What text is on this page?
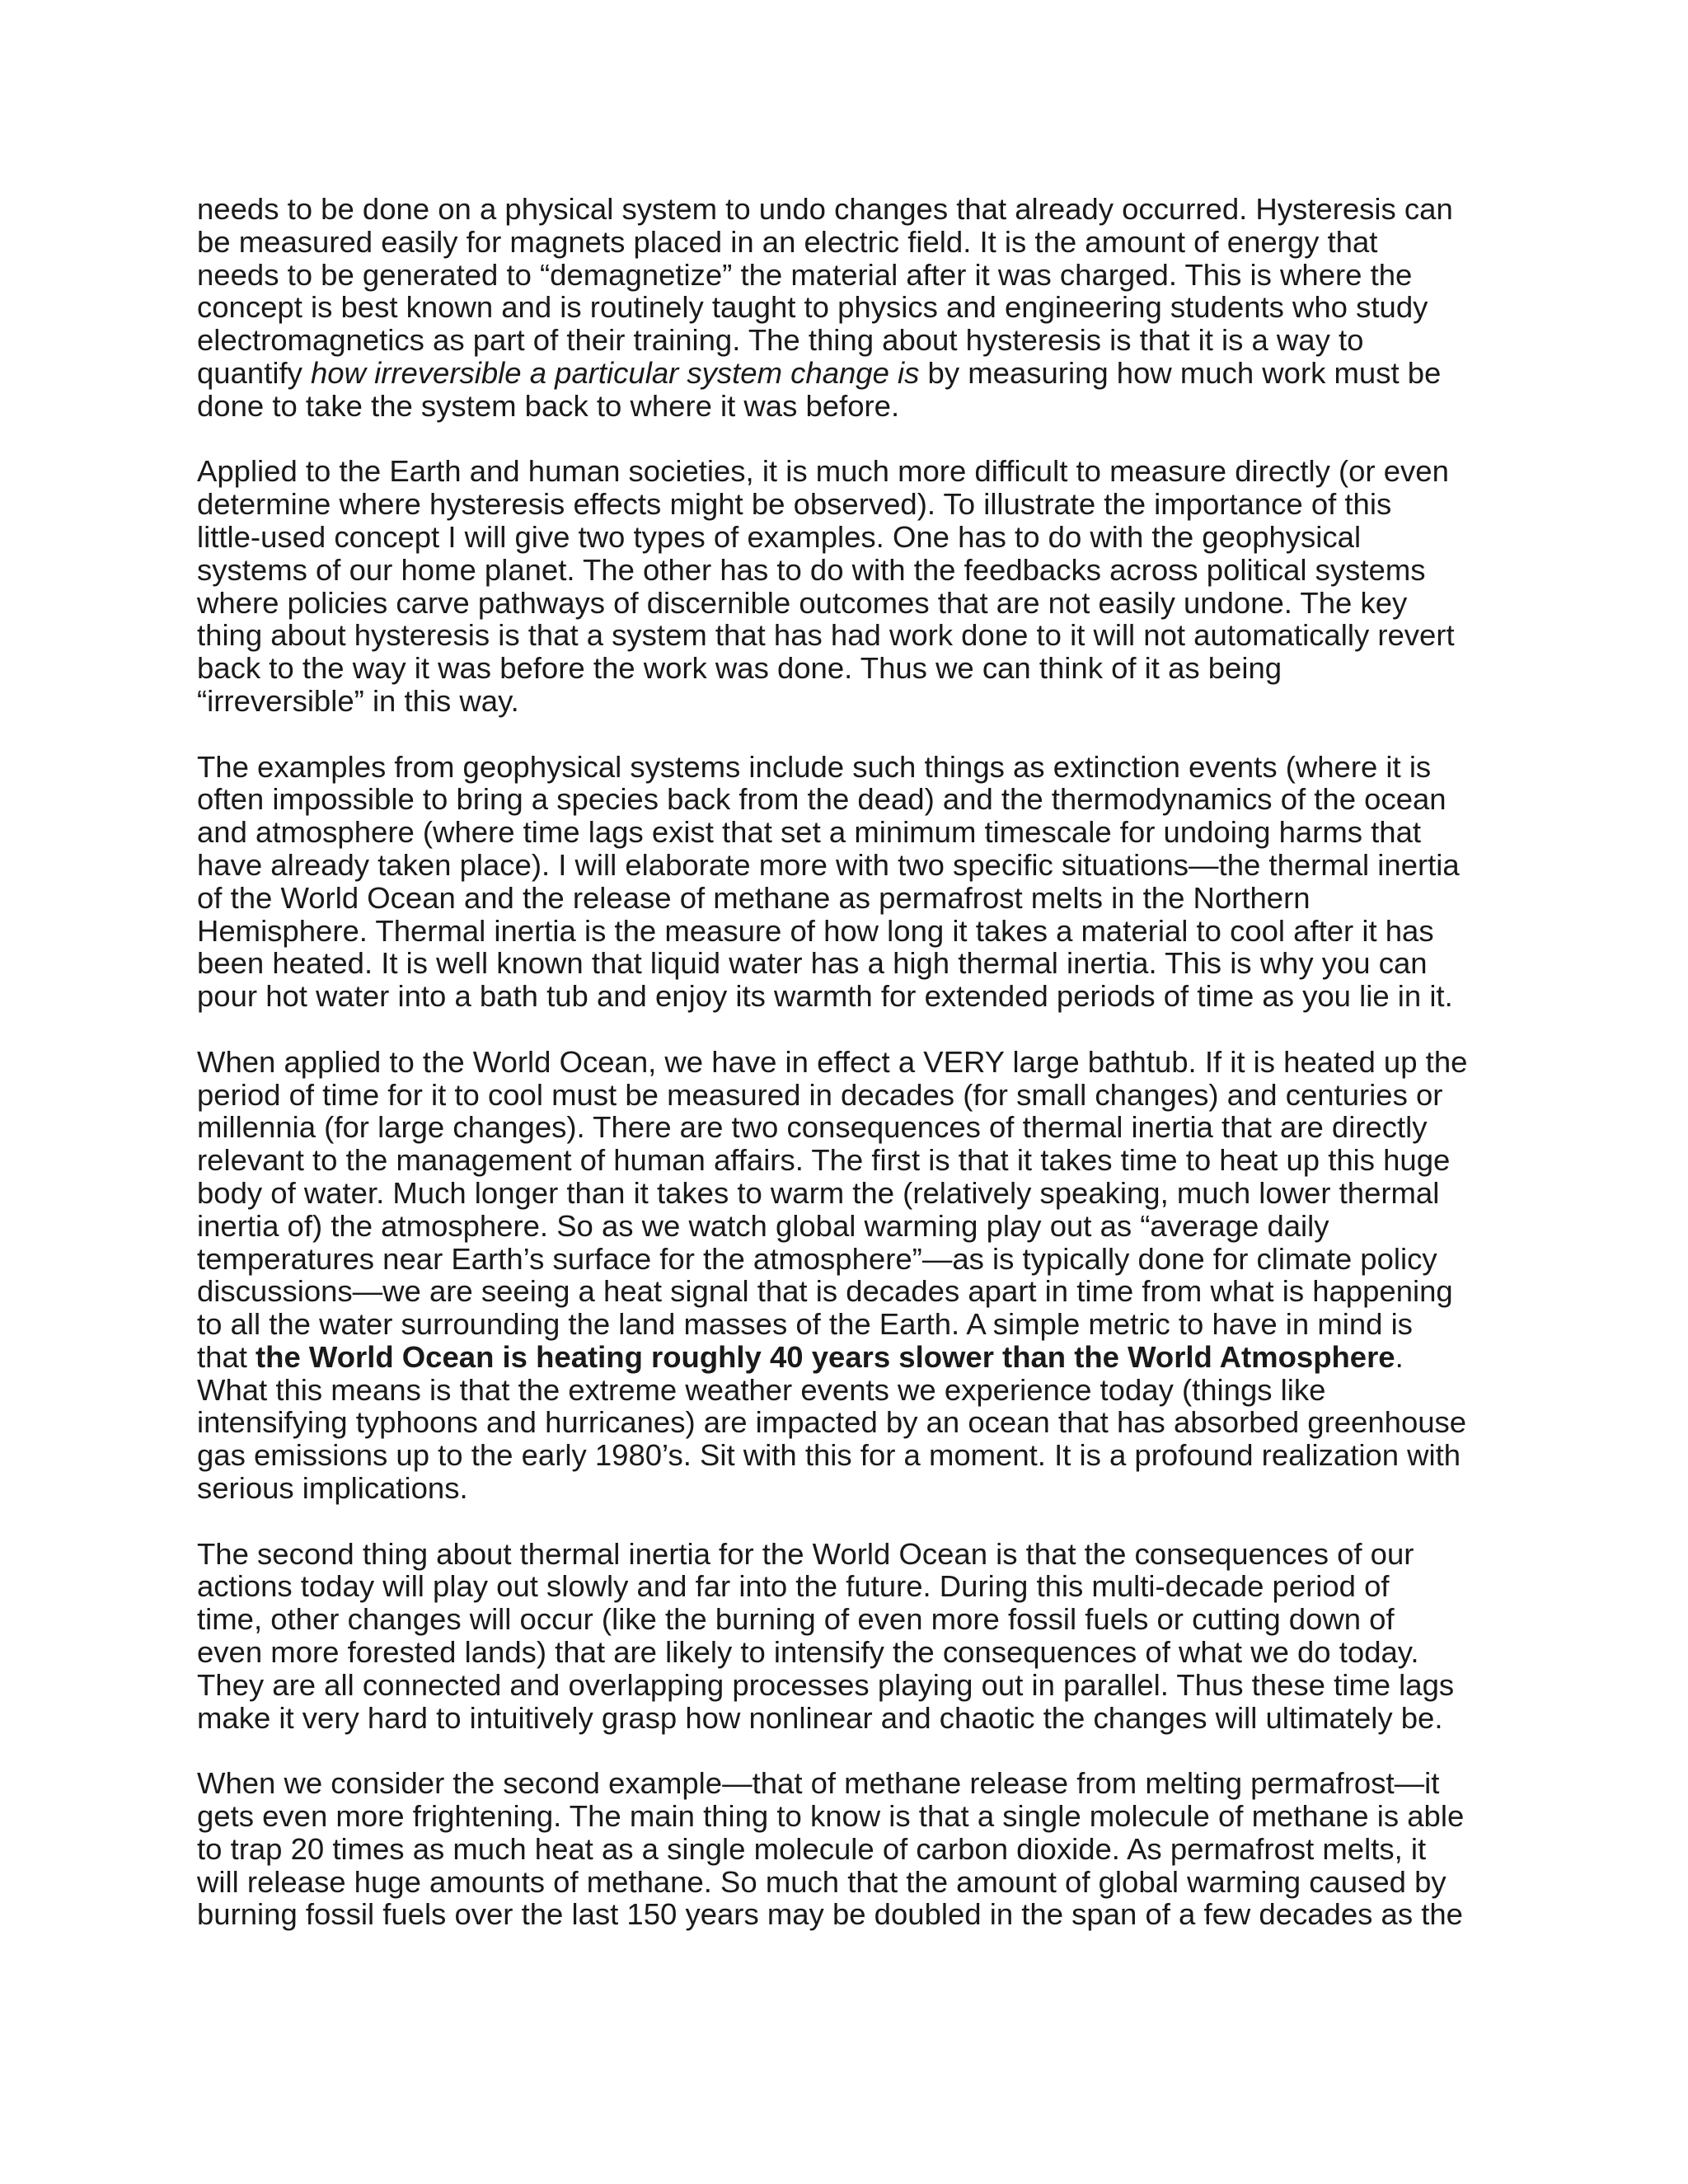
needs to be done on a physical system to undo changes that already occurred. Hysteresis can
be measured easily for magnets placed in an electric field. It is the amount of energy that
needs to be generated to “demagnetize” the material after it was charged. This is where the
concept is best known and is routinely taught to physics and engineering students who study
electromagnetics as part of their training. The thing about hysteresis is that it is a way to
quantify how irreversible a particular system change is by measuring how much work must be
done to take the system back to where it was before.

Applied to the Earth and human societies, it is much more difficult to measure directly (or even
determine where hysteresis effects might be observed). To illustrate the importance of this
little-used concept I will give two types of examples. One has to do with the geophysical
systems of our home planet. The other has to do with the feedbacks across political systems
where policies carve pathways of discernible outcomes that are not easily undone. The key
thing about hysteresis is that a system that has had work done to it will not automatically revert
back to the way it was before the work was done. Thus we can think of it as being
“irreversible” in this way.

The examples from geophysical systems include such things as extinction events (where it is
often impossible to bring a species back from the dead) and the thermodynamics of the ocean
and atmosphere (where time lags exist that set a minimum timescale for undoing harms that
have already taken place). I will elaborate more with two specific situations—the thermal inertia
of the World Ocean and the release of methane as permafrost melts in the Northern
Hemisphere. Thermal inertia is the measure of how long it takes a material to cool after it has
been heated. It is well known that liquid water has a high thermal inertia. This is why you can
pour hot water into a bath tub and enjoy its warmth for extended periods of time as you lie in it.

When applied to the World Ocean, we have in effect a VERY large bathtub. If it is heated up the
period of time for it to cool must be measured in decades (for small changes) and centuries or
millennia (for large changes). There are two consequences of thermal inertia that are directly
relevant to the management of human affairs. The first is that it takes time to heat up this huge
body of water. Much longer than it takes to warm the (relatively speaking, much lower thermal
inertia of) the atmosphere. So as we watch global warming play out as “average daily
temperatures near Earth’s surface for the atmosphere”—as is typically done for climate policy
discussions—we are seeing a heat signal that is decades apart in time from what is happening
to all the water surrounding the land masses of the Earth. A simple metric to have in mind is
that the World Ocean is heating roughly 40 years slower than the World Atmosphere.
What this means is that the extreme weather events we experience today (things like
intensifying typhoons and hurricanes) are impacted by an ocean that has absorbed greenhouse
gas emissions up to the early 1980’s. Sit with this for a moment. It is a profound realization with
serious implications.

The second thing about thermal inertia for the World Ocean is that the consequences of our
actions today will play out slowly and far into the future. During this multi-decade period of
time, other changes will occur (like the burning of even more fossil fuels or cutting down of
even more forested lands) that are likely to intensify the consequences of what we do today.
They are all connected and overlapping processes playing out in parallel. Thus these time lags
make it very hard to intuitively grasp how nonlinear and chaotic the changes will ultimately be.

When we consider the second example—that of methane release from melting permafrost—it
gets even more frightening. The main thing to know is that a single molecule of methane is able
to trap 20 times as much heat as a single molecule of carbon dioxide. As permafrost melts, it
will release huge amounts of methane. So much that the amount of global warming caused by
burning fossil fuels over the last 150 years may be doubled in the span of a few decades as the
